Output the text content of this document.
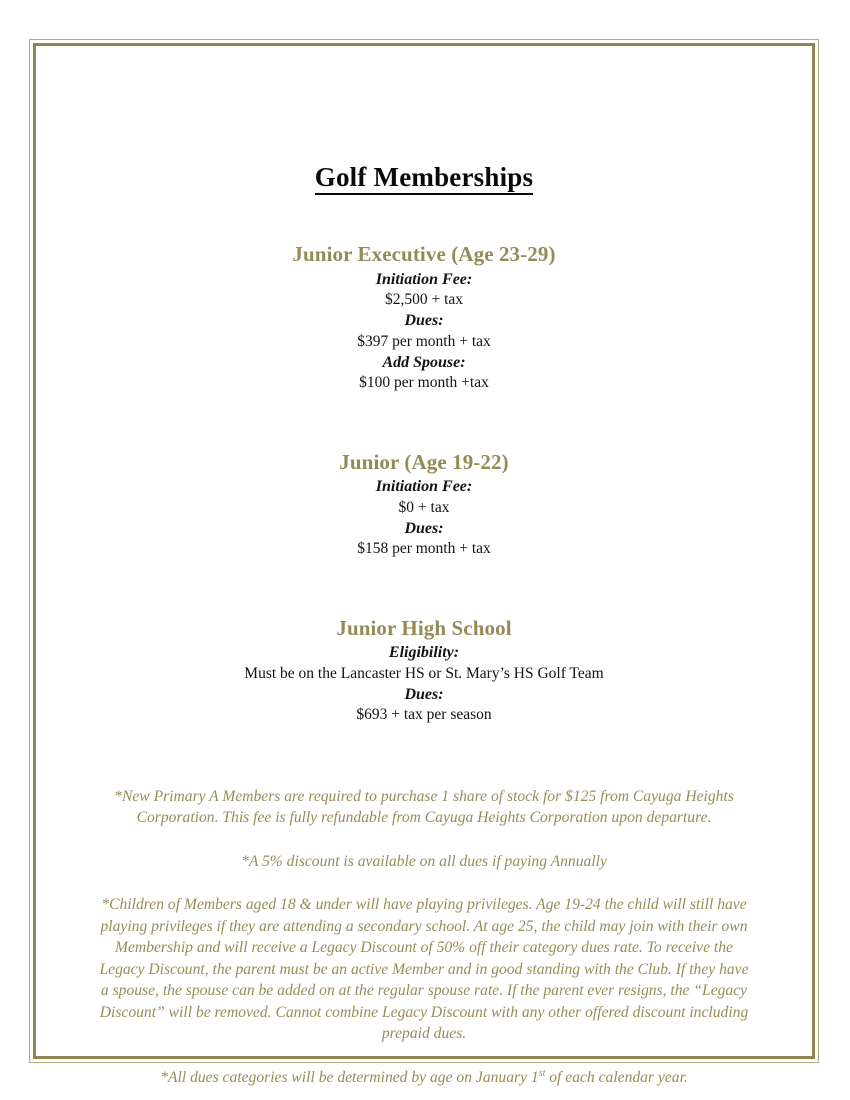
Golf Memberships
Junior Executive (Age 23-29)
Initiation Fee:
$2,500 + tax
Dues:
$397 per month + tax
Add Spouse:
$100 per month +tax
Junior (Age 19-22)
Initiation Fee:
$0 + tax
Dues:
$158 per month + tax
Junior High School
Eligibility:
Must be on the Lancaster HS or St. Mary’s HS Golf Team
Dues:
$693 + tax per season

*New Primary A Members are required to purchase 1 share of stock for $125 from Cayuga Heights Corporation. This fee is fully refundable from Cayuga Heights Corporation upon departure.

*A 5% discount is available on all dues if paying Annually

*Children of Members aged 18 & under will have playing privileges. Age 19-24 the child will still have playing privileges if they are attending a secondary school. At age 25, the child may join with their own Membership and will receive a Legacy Discount of 50% off their category dues rate. To receive the Legacy Discount, the parent must be an active Member and in good standing with the Club. If they have a spouse, the spouse can be added on at the regular spouse rate. If the parent ever resigns, the “Legacy Discount” will be removed. Cannot combine Legacy Discount with any other offered discount including prepaid dues.

*All dues categories will be determined by age on January 1st of each calendar year.
